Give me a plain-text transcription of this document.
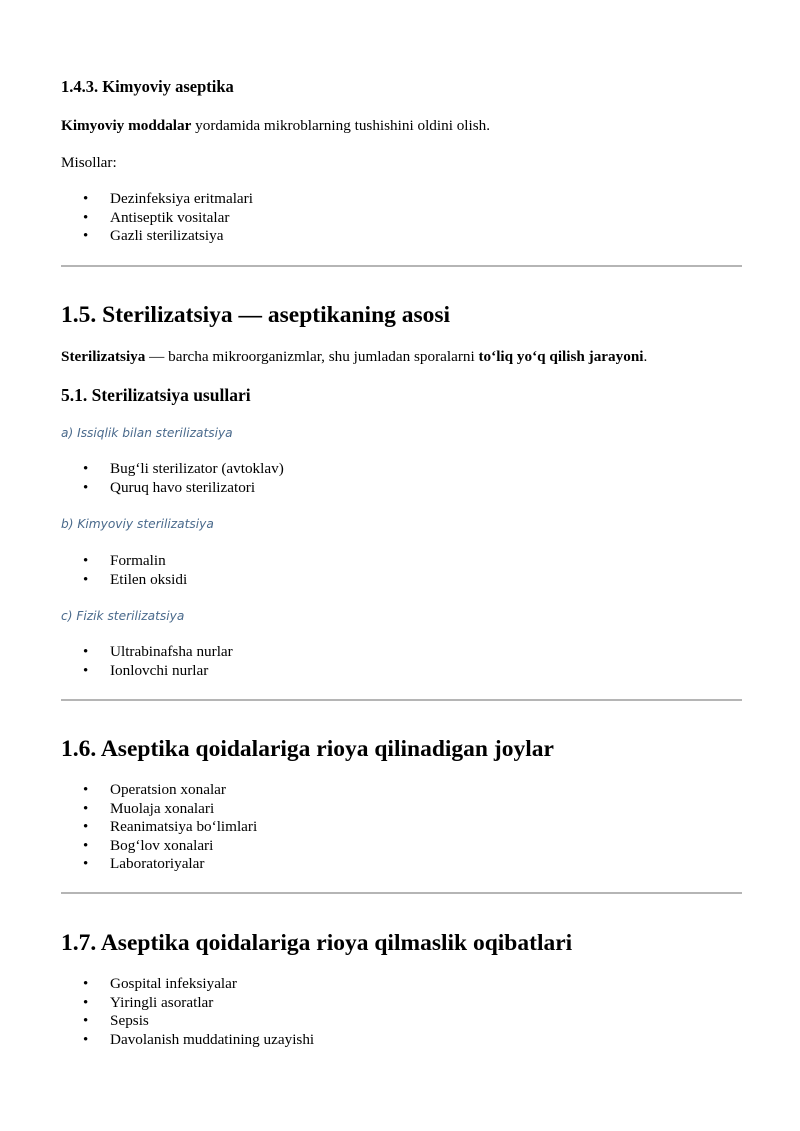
1.4.3. Kimyoviy aseptika

Kimyoviy moddalar yordamida mikroblarning tushishini oldini olish.

Misollar:

• Dezinfeksiya eritmalari
• Antiseptik vositalar
• Gazli sterilizatsiya
1.5. Sterilizatsiya — aseptikaning asosi

Sterilizatsiya — barcha mikroorganizmlar, shu jumladan sporalarni to‘liq yo‘q qilish jarayoni.

5.1. Sterilizatsiya usullari

a) Issiqlik bilan sterilizatsiya

• Bug‘li sterilizator (avtoklav)
• Quruq havo sterilizatori

b) Kimyoviy sterilizatsiya

• Formalin
• Etilen oksidi

c) Fizik sterilizatsiya

• Ultrabinafsha nurlar
• Ionlovchi nurlar
1.6. Aseptika qoidalariga rioya qilinadigan joylar
• Operatsion xonalar
• Muolaja xonalari
• Reanimatsiya bo‘limlari
• Bog‘lov xonalari
• Laboratoriyalar
1.7. Aseptika qoidalariga rioya qilmaslik oqibatlari
• Gospital infeksiyalar
• Yiringli asoratlar
• Sepsis
• Davolanish muddatining uzayishi
